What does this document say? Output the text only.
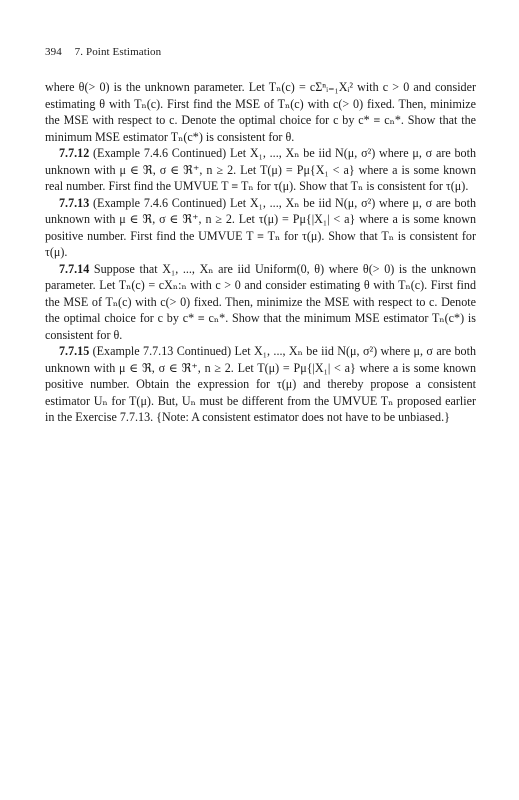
394 7. Point Estimation

where θ(> 0) is the unknown parameter. Let Tₙ(c) = cΣⁿᵢ₌₁Xᵢ² with c > 0 and consider estimating θ with Tₙ(c). First find the MSE of Tₙ(c) with c(> 0) fixed. Then, minimize the MSE with respect to c. Denote the optimal choice for c by c* ≡ cₙ*. Show that the minimum MSE estimator Tₙ(c*) is consistent for θ.

7.7.12 (Example 7.4.6 Continued) Let X₁, ..., Xₙ be iid N(μ, σ²) where μ, σ are both unknown with μ ∈ ℜ, σ ∈ ℜ⁺, n ≥ 2. Let T(μ) = Pμ{X₁ < a} where a is some known real number. First find the UMVUE T ≡ Tₙ for τ(μ). Show that Tₙ is consistent for τ(μ).

7.7.13 (Example 7.4.6 Continued) Let X₁, ..., Xₙ be iid N(μ, σ²) where μ, σ are both unknown with μ ∈ ℜ, σ ∈ ℜ⁺, n ≥ 2. Let τ(μ) = Pμ{|X₁| < a} where a is some known positive number. First find the UMVUE T ≡ Tₙ for τ(μ). Show that Tₙ is consistent for τ(μ).

7.7.14 Suppose that X₁, ..., Xₙ are iid Uniform(0, θ) where θ(> 0) is the unknown parameter. Let Tₙ(c) = cXₙ:ₙ with c > 0 and consider estimating θ with Tₙ(c). First find the MSE of Tₙ(c) with c(> 0) fixed. Then, minimize the MSE with respect to c. Denote the optimal choice for c by c* ≡ cₙ*. Show that the minimum MSE estimator Tₙ(c*) is consistent for θ.

7.7.15 (Example 7.7.13 Continued) Let X₁, ..., Xₙ be iid N(μ, σ²) where μ, σ are both unknown with μ ∈ ℜ, σ ∈ ℜ⁺, n ≥ 2. Let T(μ) = Pμ{|X₁| < a} where a is some known positive number. Obtain the expression for τ(μ) and thereby propose a consistent estimator Uₙ for T(μ). But, Uₙ must be different from the UMVUE Tₙ proposed earlier in the Exercise 7.7.13. {Note: A consistent estimator does not have to be unbiased.}
